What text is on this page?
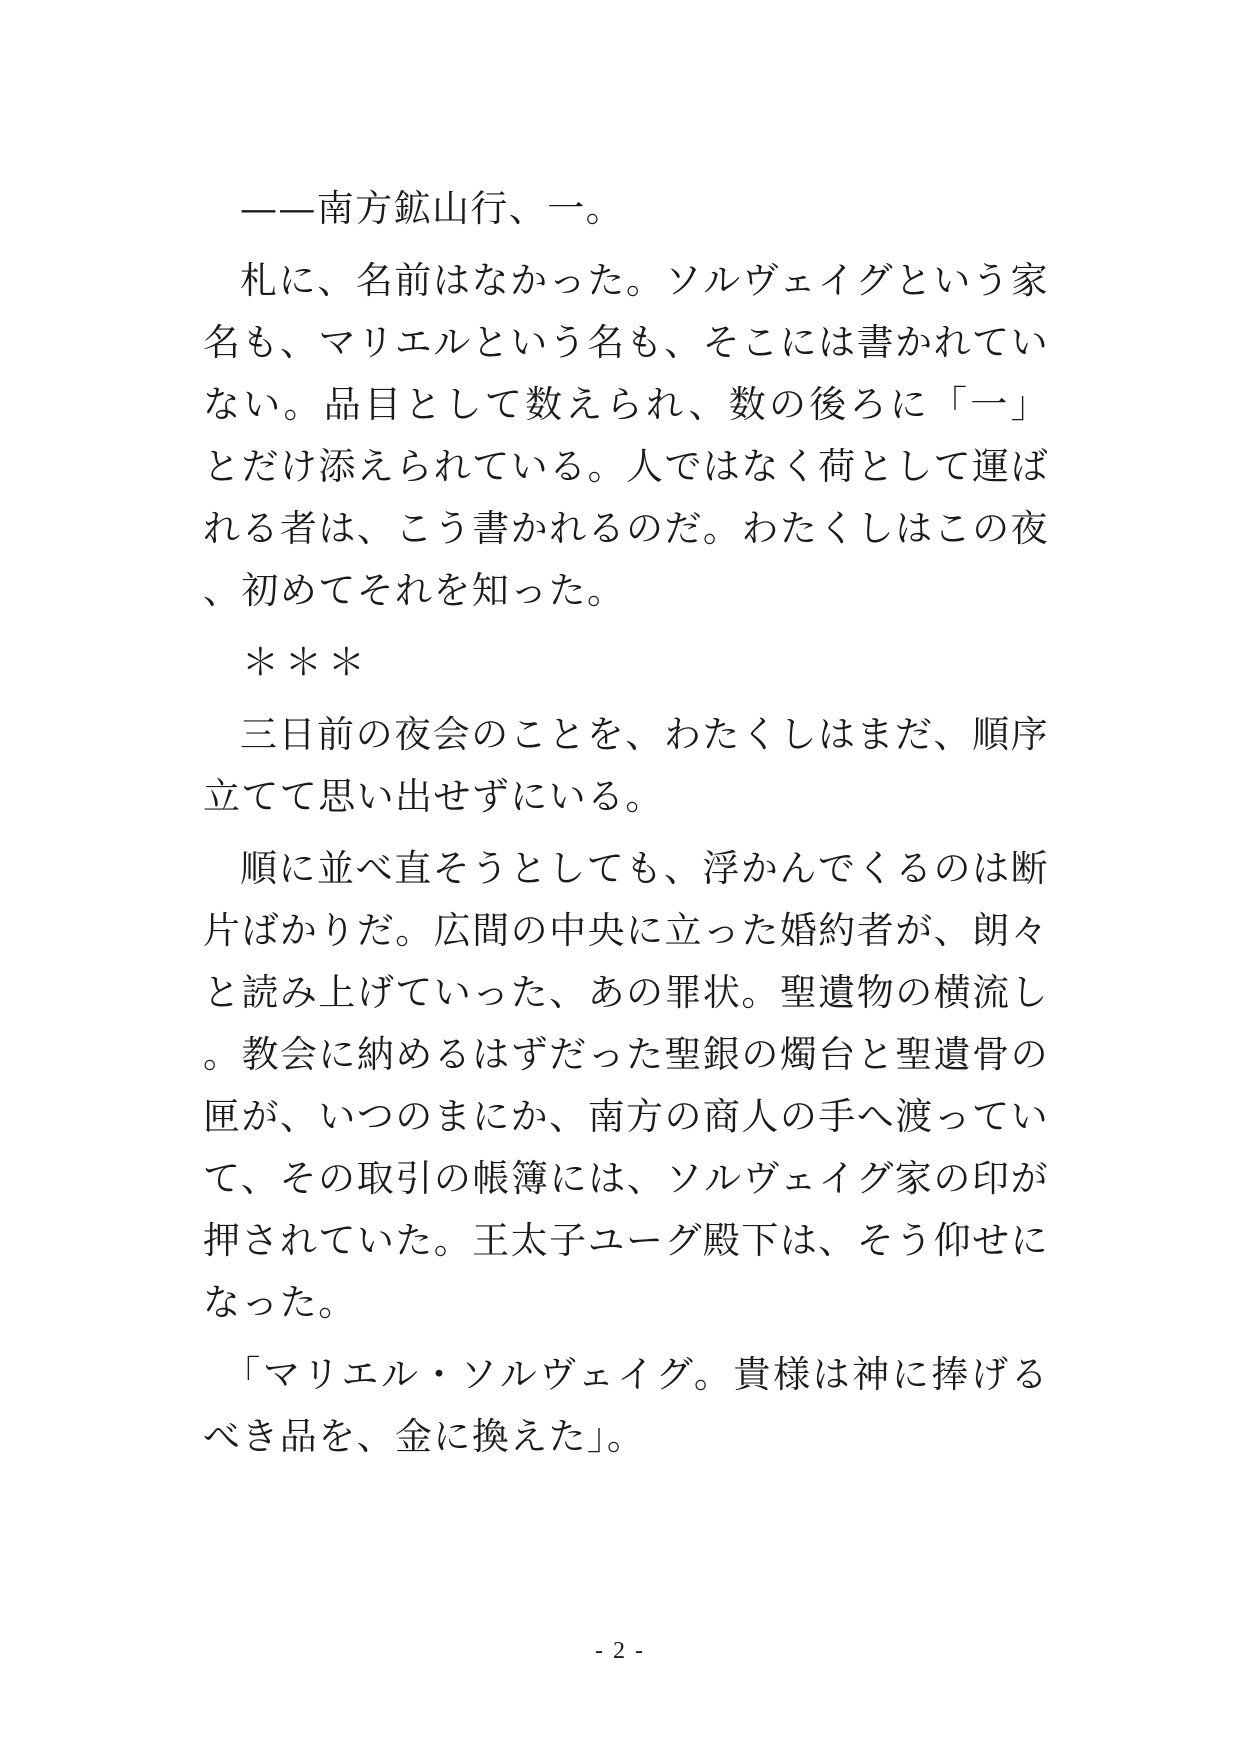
——南方鉱山行、一。

札に、名前はなかった。ソルヴェイグという家名も、マリエルという名も、そこには書かれていない。品目として数えられ、数の後ろに「一」とだけ添えられている。人ではなく荷として運ばれる者は、こう書かれるのだ。わたくしはこの夜、初めてそれを知った。

＊＊＊

三日前の夜会のことを、わたくしはまだ、順序立てて思い出せずにいる。

順に並べ直そうとしても、浮かんでくるのは断片ばかりだ。広間の中央に立った婚約者が、朗々と読み上げていった、あの罪状。聖遺物の横流し。教会に納めるはずだった聖銀の燭台と聖遺骨の匣が、いつのまにか、南方の商人の手へ渡っていて、その取引の帳簿には、ソルヴェイグ家の印が押されていた。王太子ユーグ殿下は、そう仰せになった。

「マリエル・ソルヴェイグ。貴様は神に捧げるべき品を、金に換えた」。

- 2 -
